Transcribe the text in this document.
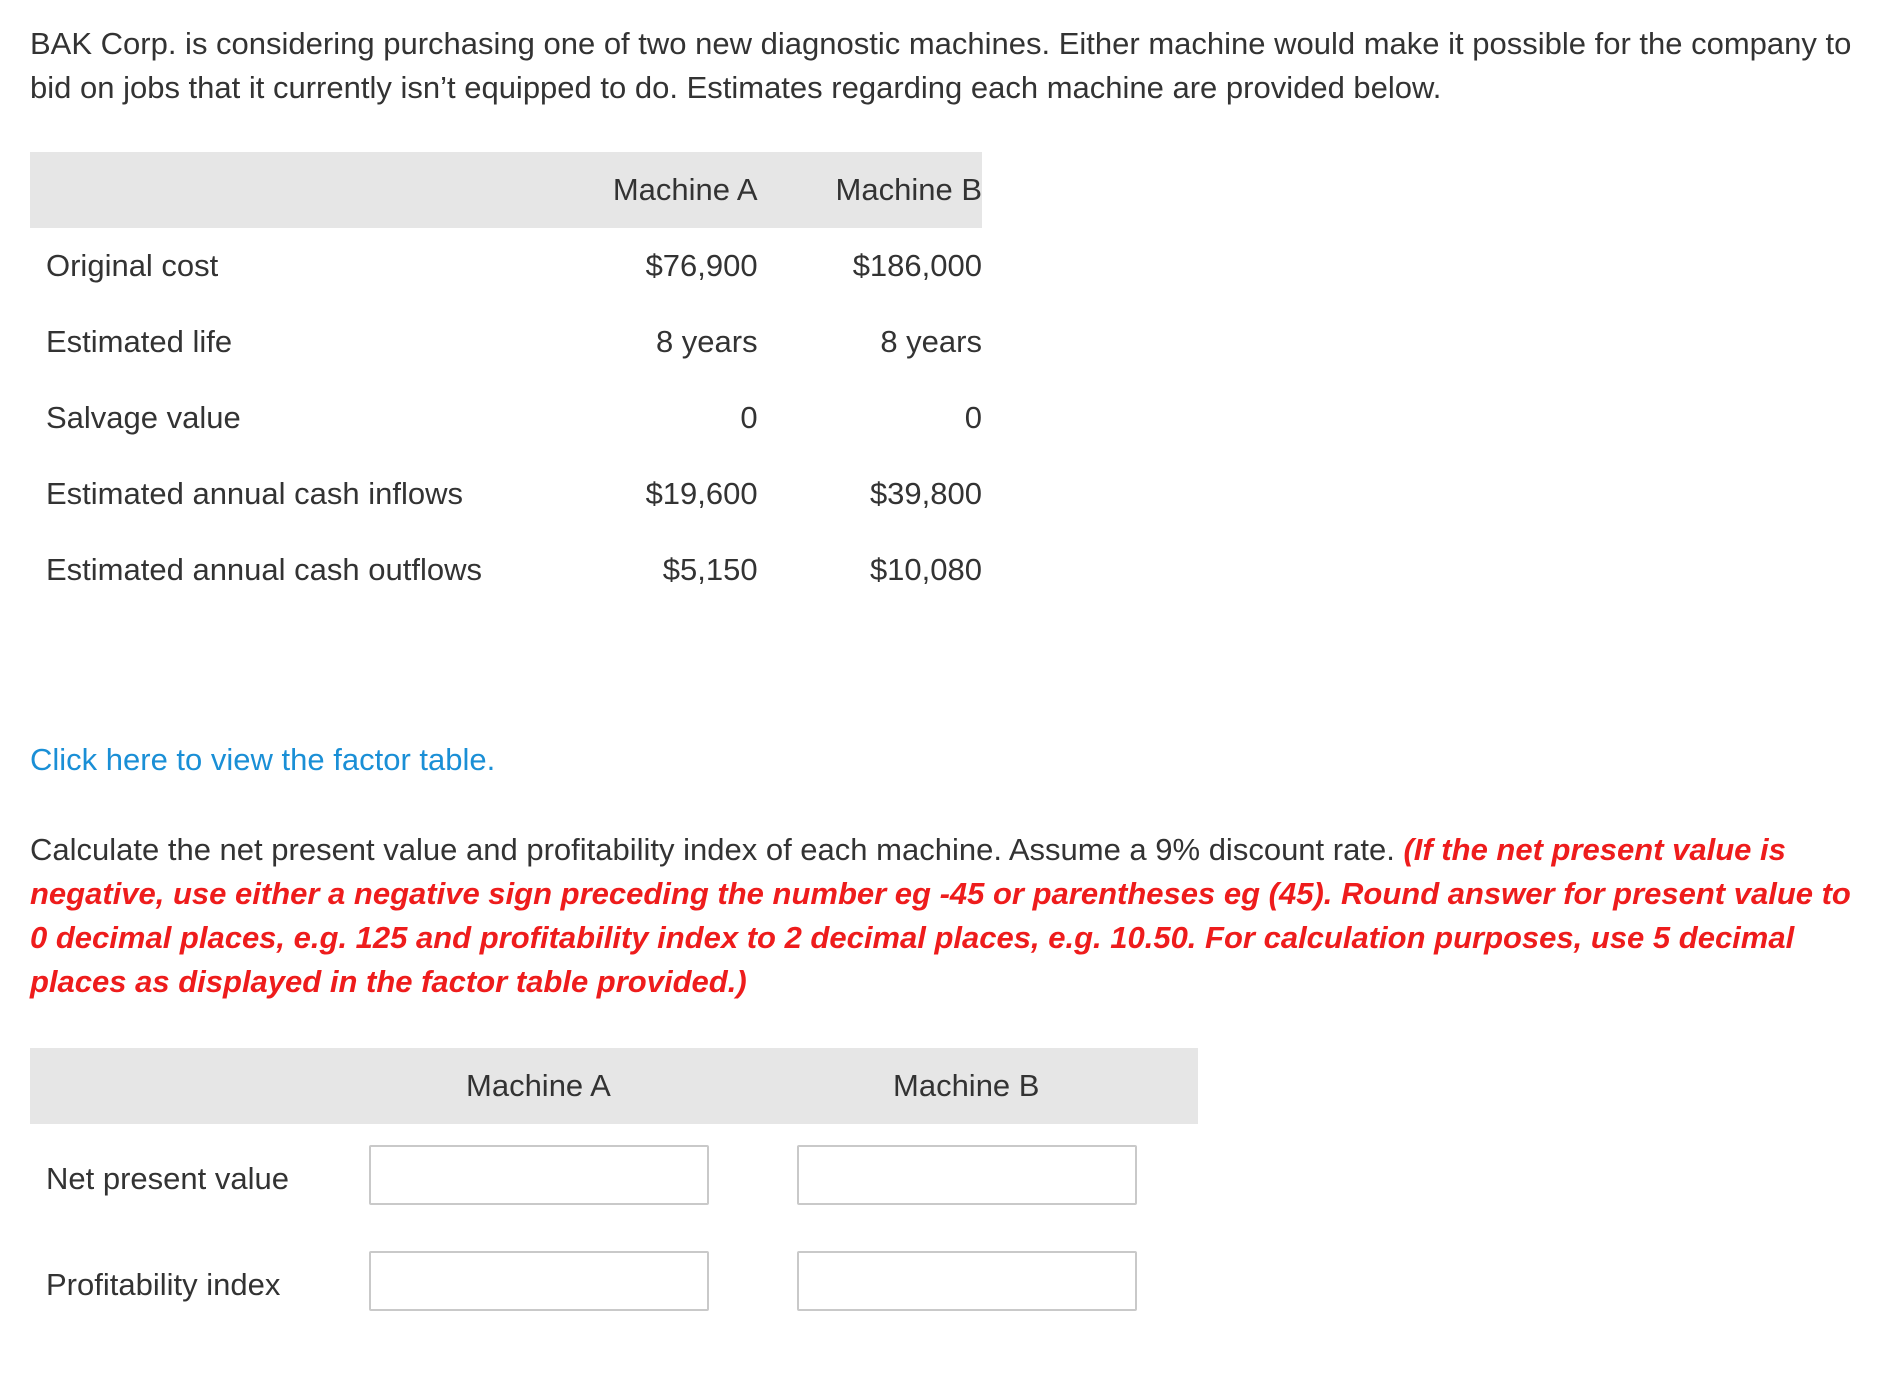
BAK Corp. is considering purchasing one of two new diagnostic machines. Either machine would make it possible for the company to bid on jobs that it currently isn’t equipped to do. Estimates regarding each machine are provided below.

	Machine A	Machine B
Original cost	$76,900	$186,000
Estimated life	8 years	8 years
Salvage value	0	0
Estimated annual cash inflows	$19,600	$39,800
Estimated annual cash outflows	$5,150	$10,080
Click here to view the factor table.

Calculate the net present value and profitability index of each machine. Assume a 9% discount rate. (If the net present value is negative, use either a negative sign preceding the number eg -45 or parentheses eg (45). Round answer for present value to 0 decimal places, e.g. 125 and profitability index to 2 decimal places, e.g. 10.50. For calculation purposes, use 5 decimal places as displayed in the factor table provided.)

Machine A	Machine B
Net present value
Profitability index
